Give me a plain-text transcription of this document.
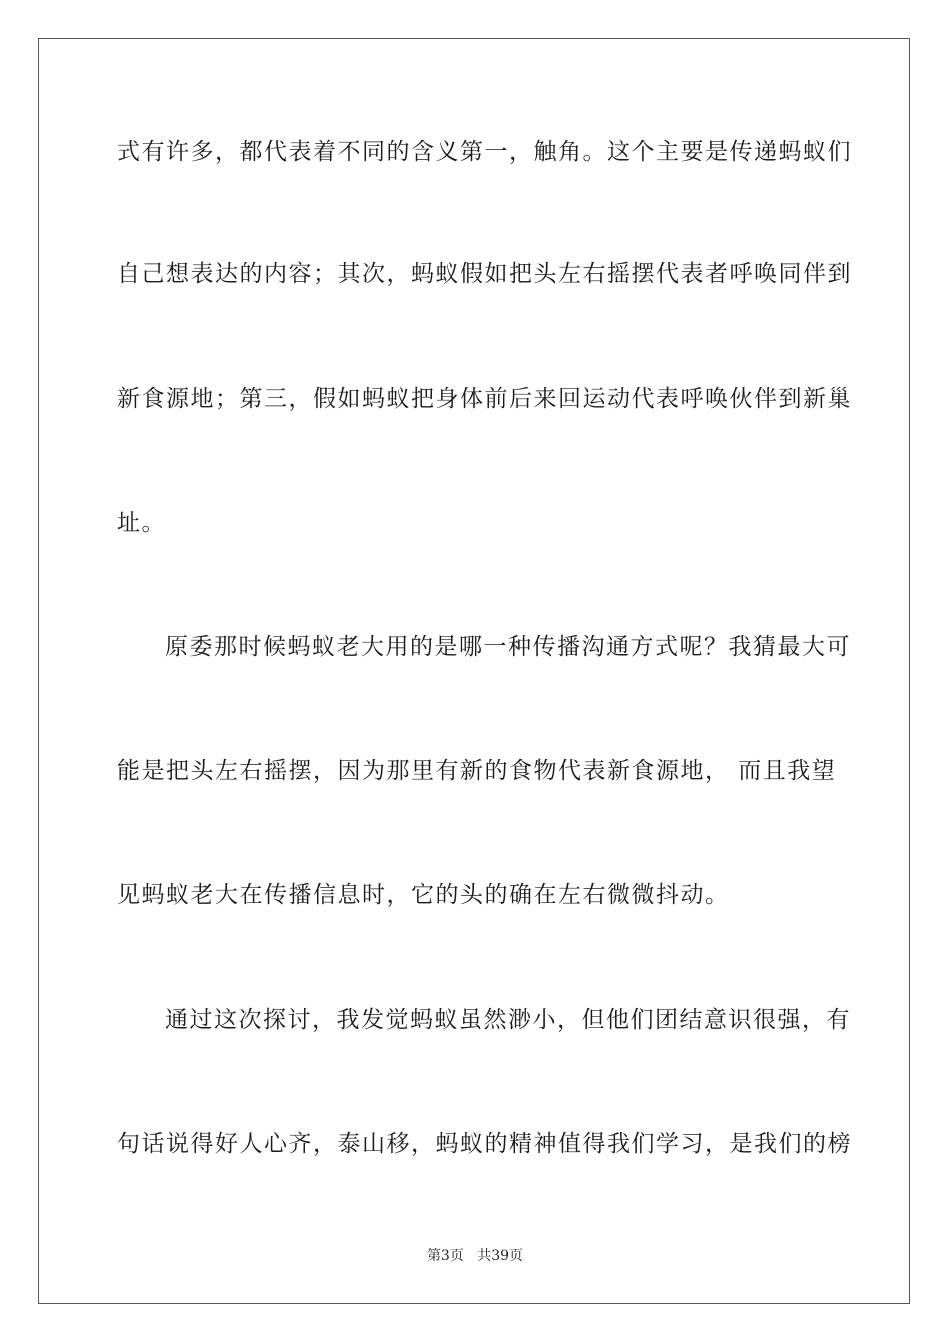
式有许多，都代表着不同的含义第一，触角。这个主要是传递蚂蚁们
自己想表达的内容；其次，蚂蚁假如把头左右摇摆代表者呼唤同伴到
新食源地；第三，假如蚂蚁把身体前后来回运动代表呼唤伙伴到新巢
址。
原委那时候蚂蚁老大用的是哪一种传播沟通方式呢？我猜最大可
能是把头左右摇摆，因为那里有新的食物代表新食源地， 而且我望
见蚂蚁老大在传播信息时，它的头的确在左右微微抖动。
通过这次探讨，我发觉蚂蚁虽然渺小，但他们团结意识很强，有
句话说得好人心齐，泰山移，蚂蚁的精神值得我们学习，是我们的榜
第3页 共39页
